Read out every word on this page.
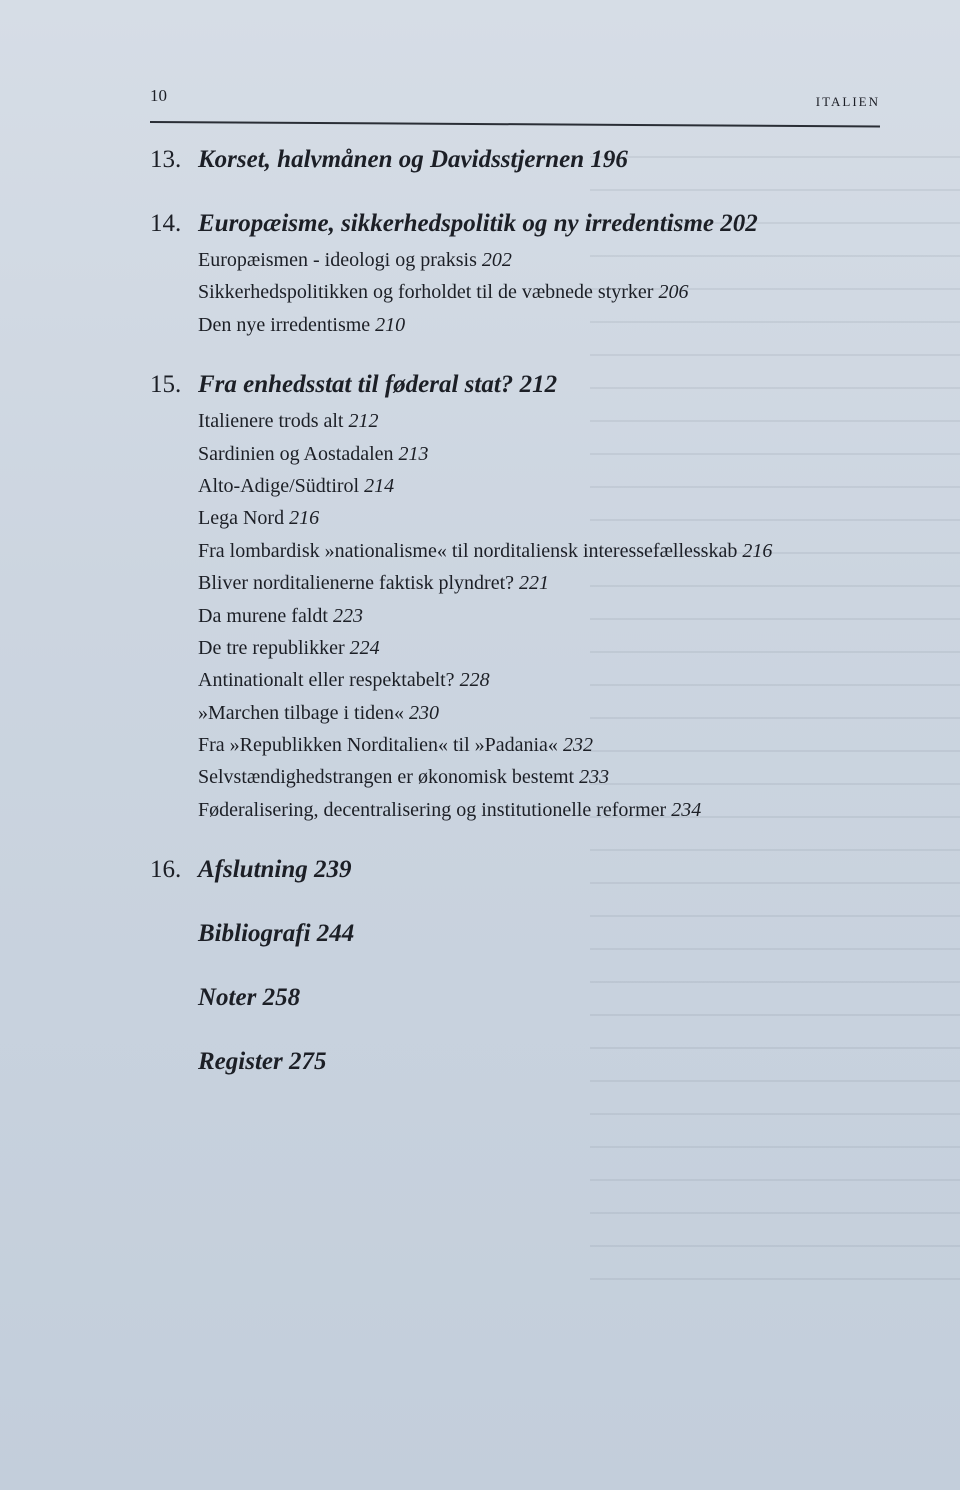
10	ITALIEN
13. Korset, halvmånen og Davidsstjernen 196
14. Europæisme, sikkerhedspolitik og ny irredentisme 202
Europæismen - ideologi og praksis 202
Sikkerhedspolitikken og forholdet til de væbnede styrker 206
Den nye irredentisme 210
15. Fra enhedsstat til føderal stat? 212
Italienere trods alt 212
Sardinien og Aostadalen 213
Alto-Adige/Südtirol 214
Lega Nord 216
Fra lombardisk »nationalisme« til norditaliensk interessefællesskab 216
Bliver norditalienerne faktisk plyndret? 221
Da murene faldt 223
De tre republikker 224
Antinationalt eller respektabelt? 228
»Marchen tilbage i tiden« 230
Fra »Republikken Norditalien« til »Padania« 232
Selvstændighedstrangen er økonomisk bestemt 233
Føderalisering, decentralisering og institutionelle reformer 234
16. Afslutning 239
Bibliografi 244
Noter 258
Register 275
